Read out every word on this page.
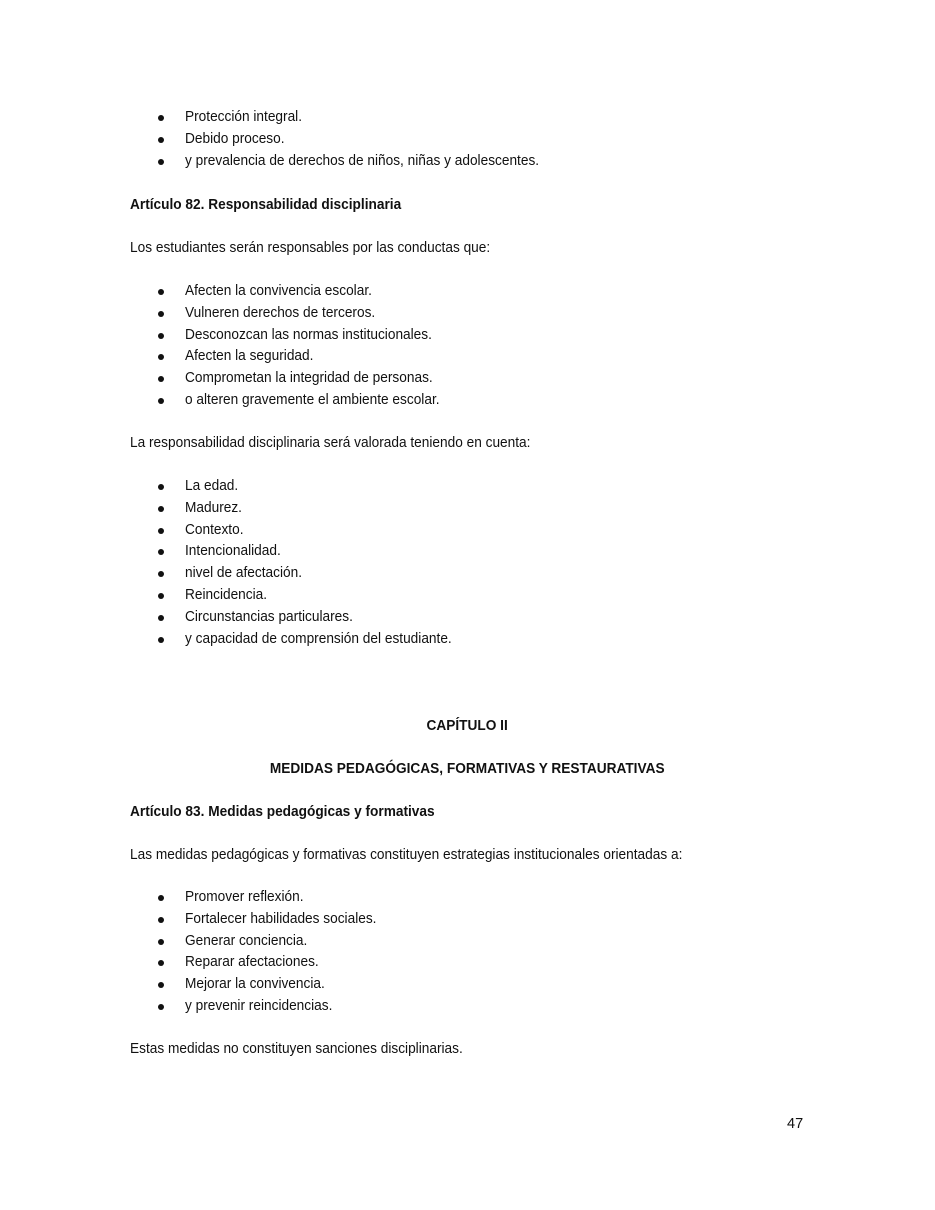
Protección integral.
Debido proceso.
y prevalencia de derechos de niños, niñas y adolescentes.
Artículo 82. Responsabilidad disciplinaria
Los estudiantes serán responsables por las conductas que:
Afecten la convivencia escolar.
Vulneren derechos de terceros.
Desconozcan las normas institucionales.
Afecten la seguridad.
Comprometan la integridad de personas.
o alteren gravemente el ambiente escolar.
La responsabilidad disciplinaria será valorada teniendo en cuenta:
La edad.
Madurez.
Contexto.
Intencionalidad.
nivel de afectación.
Reincidencia.
Circunstancias particulares.
y capacidad de comprensión del estudiante.
CAPÍTULO II
MEDIDAS PEDAGÓGICAS, FORMATIVAS Y RESTAURATIVAS
Artículo 83. Medidas pedagógicas y formativas
Las medidas pedagógicas y formativas constituyen estrategias institucionales orientadas a:
Promover reflexión.
Fortalecer habilidades sociales.
Generar conciencia.
Reparar afectaciones.
Mejorar la convivencia.
y prevenir reincidencias.
Estas medidas no constituyen sanciones disciplinarias.
47
